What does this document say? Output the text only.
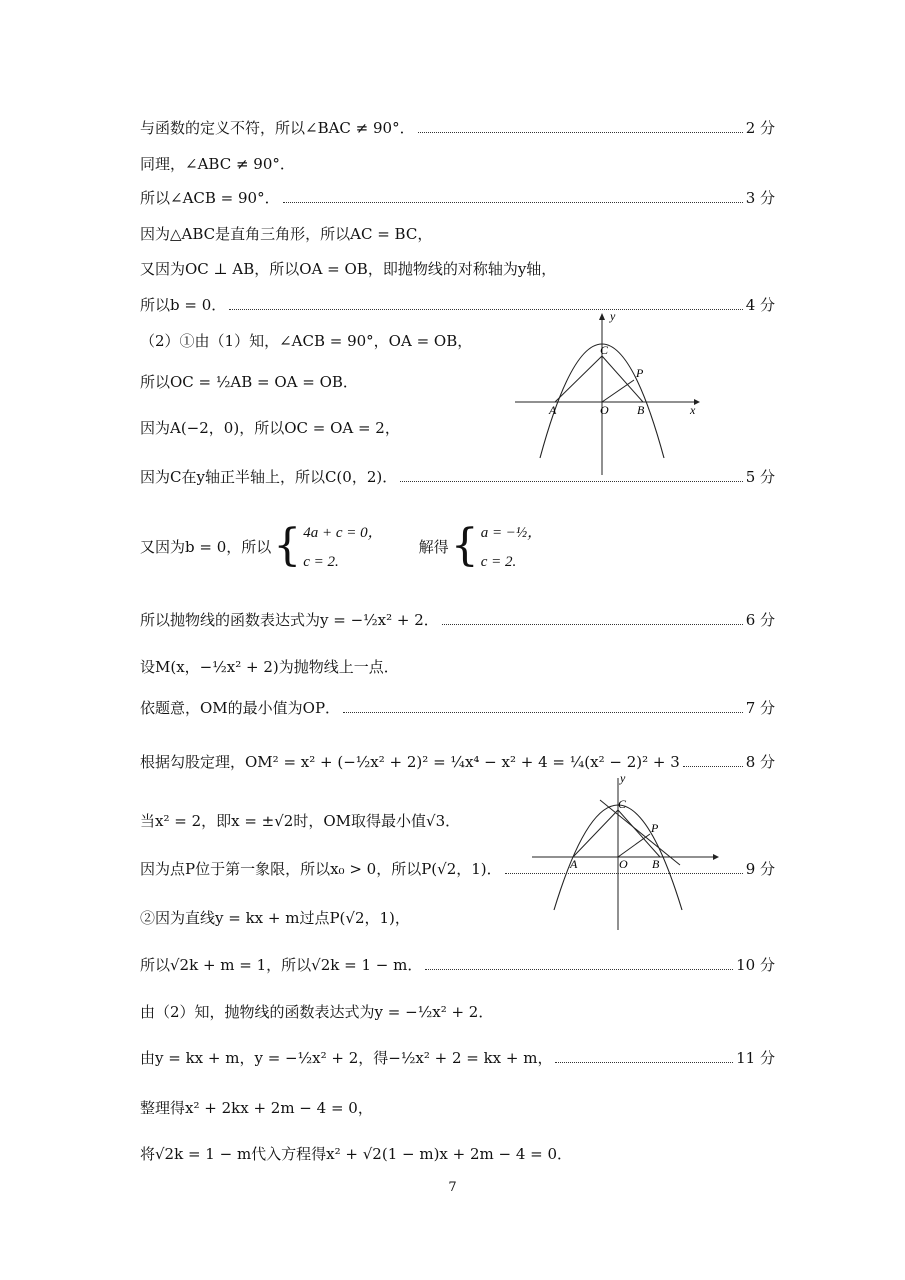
与函数的定义不符，所以∠BAC ≠ 90°．	2 分
同理，∠ABC ≠ 90°．
所以∠ACB = 90°．	3 分
因为△ABC是直角三角形，所以AC = BC，
又因为OC ⊥ AB，所以OA = OB，即抛物线的对称轴为y轴，
所以b = 0．	4 分
（2）①由（1）知，∠ACB = 90°，OA = OB，
所以OC = ½AB = OA = OB．
因为A(−2，0)，所以OC = OA = 2，
因为C在y轴正半轴上，所以C(0，2)．	5 分
又因为b = 0，所以 { 4a + c = 0，
c = 2.
解得 { a = −½，
c = 2.
所以抛物线的函数表达式为y = −½x² + 2．	6 分
设M(x，−½x² + 2)为抛物线上一点．
依题意，OM的最小值为OP．	7 分
根据勾股定理，OM² = x² + (−½x² + 2)² = ¼x⁴ − x² + 4 = ¼(x² − 2)² + 3	8 分
当x² = 2，即x = ±√2时，OM取得最小值√3．
因为点P位于第一象限，所以x₀ > 0，所以P(√2，1)．	9 分
②因为直线y = kx + m过点P(√2，1)，
所以√2k + m = 1，所以√2k = 1 − m．	10 分
由（2）知，抛物线的函数表达式为y = −½x² + 2．
由y = kx + m，y = −½x² + 2，得−½x² + 2 = kx + m，	11 分
整理得x² + 2kx + 2m − 4 = 0，
将√2k = 1 − m代入方程得x² + √2(1 − m)x + 2m − 4 = 0．
y
x
C
P
A	O B
y
C
P
A	O B
7
